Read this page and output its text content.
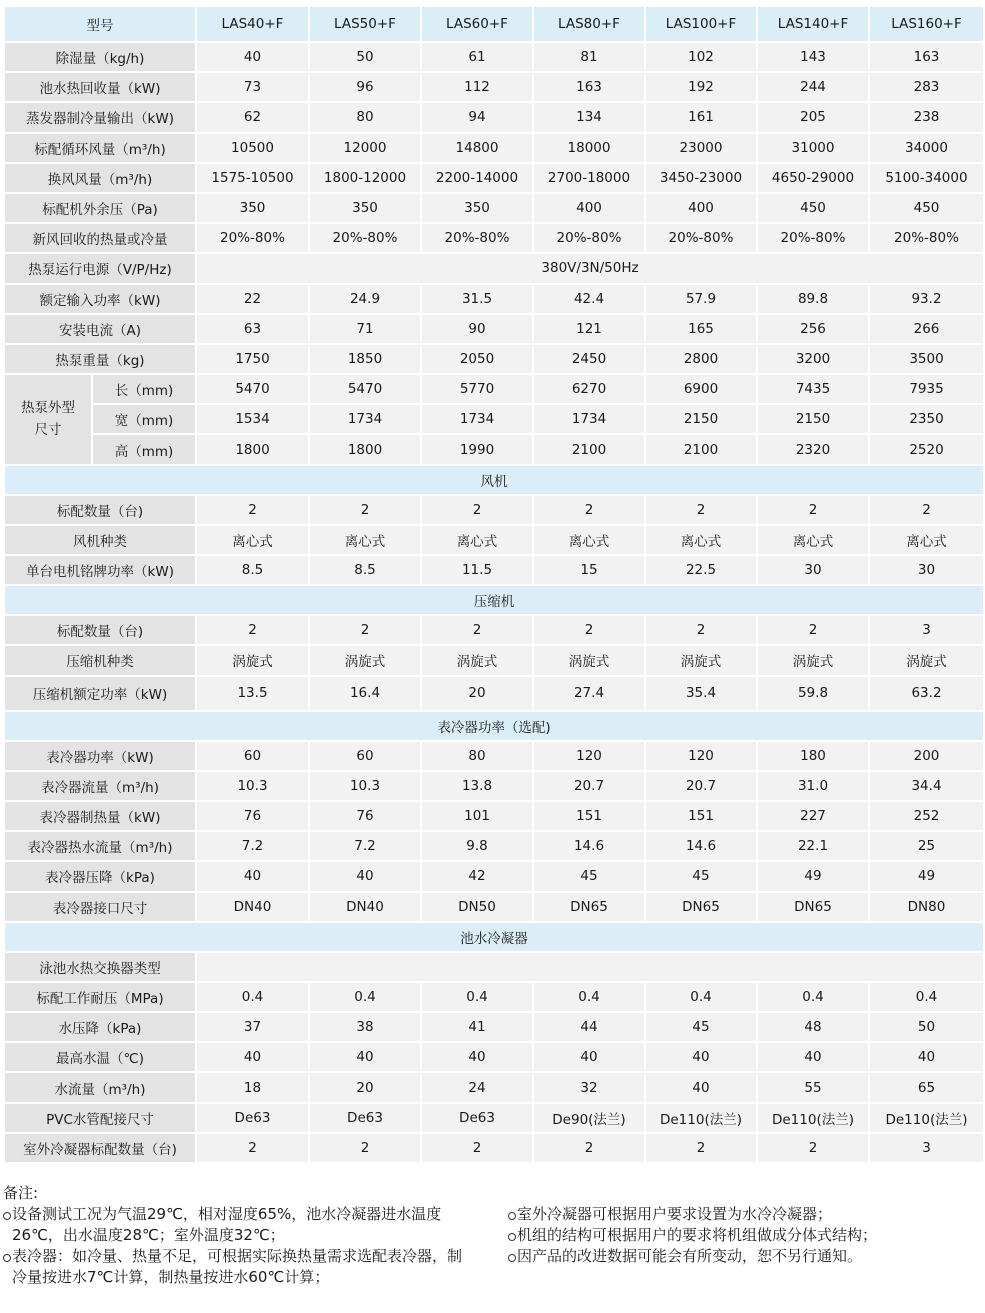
型号		LAS40+F	LAS50+F	LAS60+F	LAS80+F	LAS100+F	LAS140+F	LAS160+F
除湿量（kg/h)		40	50	61	81	102	143	163
池水热回收量（kW)		73	96	112	163	192	244	283
蒸发器制冷量输出（kW)		62	80	94	134	161	205	238
标配循环风量（m³/h)		10500	12000	14800	18000	23000	31000	34000
换风风量（m³/h)		1575-10500	1800-12000	2200-14000	2700-18000	3450-23000	4650-29000	5100-34000
标配机外余压（Pa)		350	350	350	400	400	450	450
新风回收的热量或冷量		20%-80%	20%-80%	20%-80%	20%-80%	20%-80%	20%-80%	20%-80%
热泵运行电源（V/P/Hz)		380V/3N/50Hz						
额定输入功率（kW)		22	24.9	31.5	42.4	57.9	89.8	93.2
安装电流（A)		63	71	90	121	165	256	266
热泵重量（kg)		1750	1850	2050	2450	2800	3200	3500
热泵外型
尺寸	长（mm)	5470	5470	5770	6270	6900	7435	7935
	宽（mm)	1534	1734	1734	1734	2150	2150	2350
	高（mm)	1800	1800	1990	2100	2100	2320	2520
风机								
标配数量（台)		2	2	2	2	2	2	2
风机种类		离心式	离心式	离心式	离心式	离心式	离心式	离心式
单台电机铭牌功率（kW)		8.5	8.5	11.5	15	22.5	30	30
压缩机								
标配数量（台)		2	2	2	2	2	2	3
压缩机种类		涡旋式	涡旋式	涡旋式	涡旋式	涡旋式	涡旋式	涡旋式
压缩机额定功率（kW)		13.5	16.4	20	27.4	35.4	59.8	63.2
表冷器功率（选配)								
表冷器功率（kW)		60	60	80	120	120	180	200
表冷器流量（m³/h)		10.3	10.3	13.8	20.7	20.7	31.0	34.4
表冷器制热量（kW)		76	76	101	151	151	227	252
表冷器热水流量（m³/h)		7.2	7.2	9.8	14.6	14.6	22.1	25
表冷器压降（kPa)		40	40	42	45	45	49	49
表冷器接口尺寸		DN40	DN40	DN50	DN65	DN65	DN65	DN80
池水冷凝器								
泳池水热交换器类型								
标配工作耐压（MPa)		0.4	0.4	0.4	0.4	0.4	0.4	0.4
水压降（kPa)		37	38	41	44	45	48	50
最高水温（℃)		40	40	40	40	40	40	40
水流量（m³/h)		18	20	24	32	40	55	65
PVC水管配接尺寸		De63	De63	De63	De90(法兰)	De110(法兰)	De110(法兰)	De110(法兰)
室外冷凝器标配数量（台)		2	2	2	2	2	2	3
备注:
设备测试工况为气温29℃，相对湿度65%，池水冷凝器进水温度26℃，出水温度28℃；室外温度32℃；
表冷器：如冷量、热量不足，可根据实际换热量需求选配表冷器，制冷量按进水7℃计算，制热量按进水60℃计算；
室外冷凝器可根据用户要求设置为水冷冷凝器；
机组的结构可根据用户的要求将机组做成分体式结构；
因产品的改进数据可能会有所变动，恕不另行通知。
